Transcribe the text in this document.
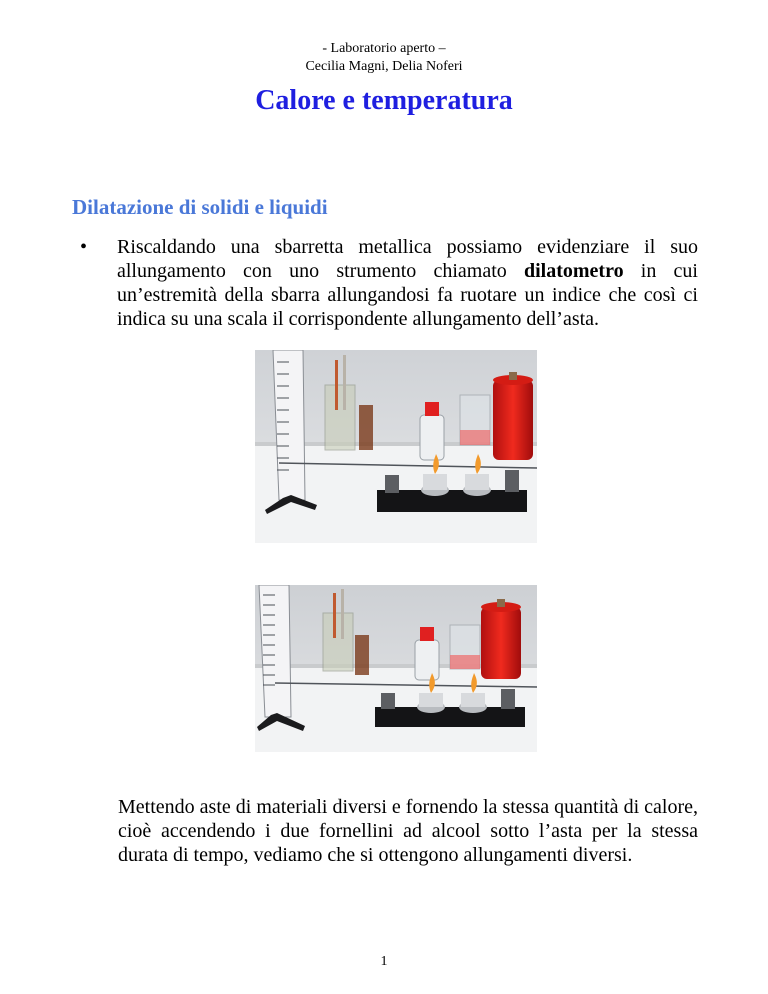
- Laboratorio aperto –
Cecilia Magni, Delia Noferi
Calore e temperatura
Dilatazione di solidi e liquidi
• Riscaldando una sbarretta metallica possiamo evidenziare il suo allungamento con uno strumento chiamato dilatometro in cui un’estremità della sbarra allungandosi fa ruotare un indice che così ci indica su una scala il corrispondente allungamento dell’asta.
Mettendo aste di materiali diversi e fornendo la stessa quantità di calore, cioè accendendo i due fornellini ad alcool sotto l’asta per la stessa durata di tempo, vediamo che si ottengono allungamenti diversi.
1
